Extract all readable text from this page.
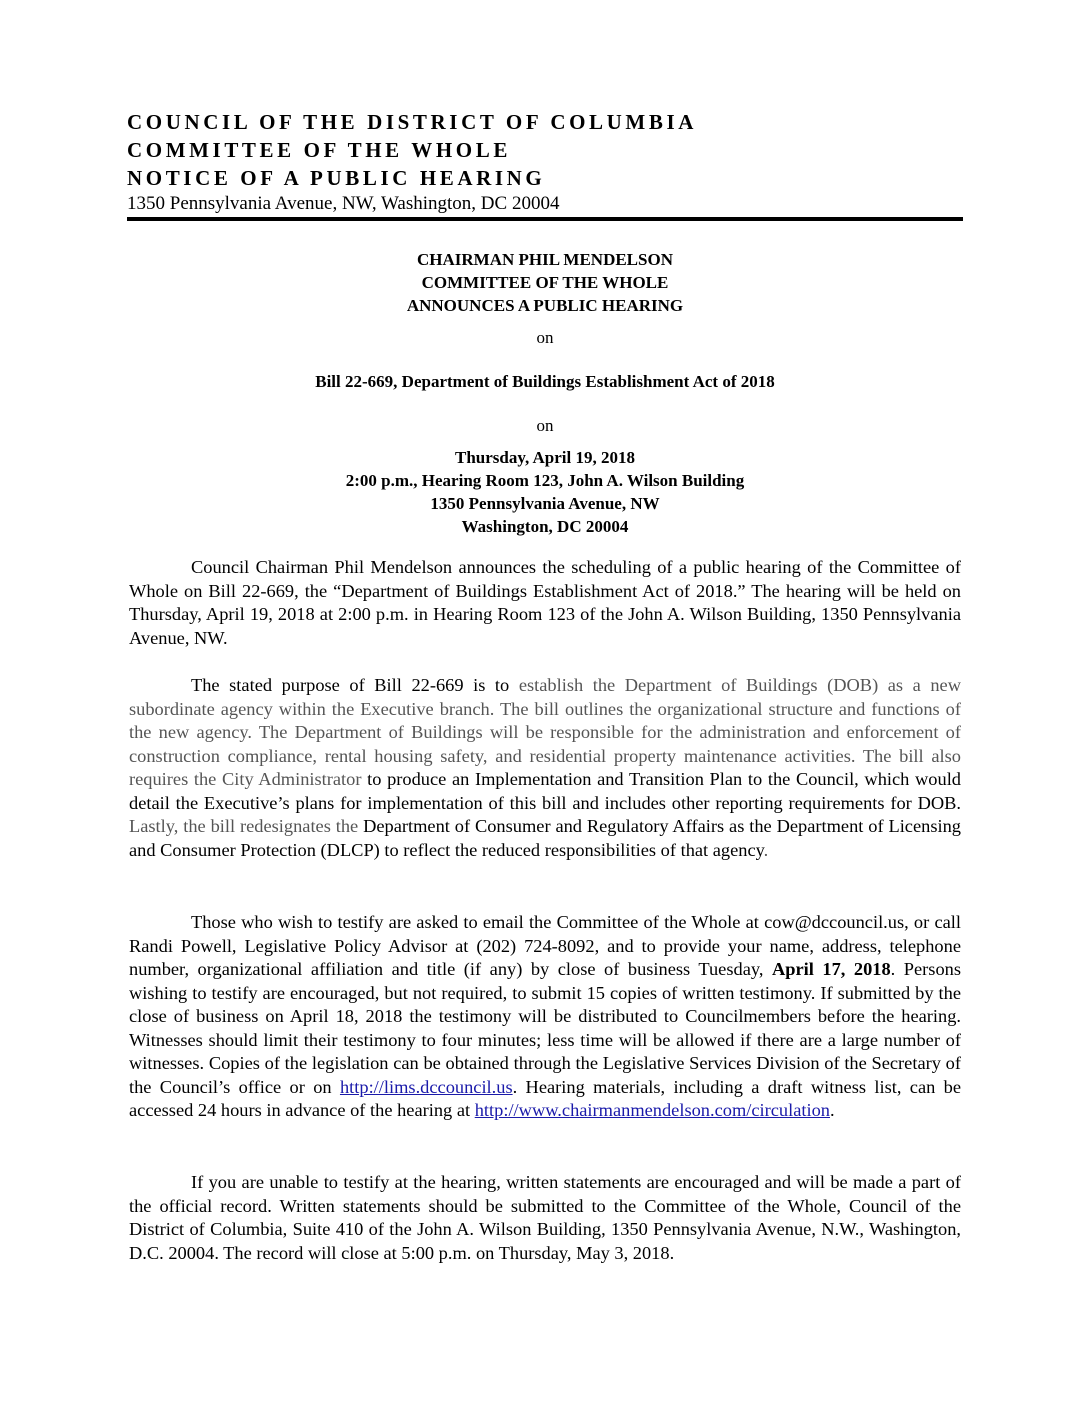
COUNCIL OF THE DISTRICT OF COLUMBIA
COMMITTEE OF THE WHOLE
NOTICE OF A PUBLIC HEARING
1350 Pennsylvania Avenue, NW, Washington, DC 20004
CHAIRMAN PHIL MENDELSON
COMMITTEE OF THE WHOLE
ANNOUNCES A PUBLIC HEARING
on
Bill 22-669, Department of Buildings Establishment Act of 2018
on
Thursday, April 19, 2018
2:00 p.m., Hearing Room 123, John A. Wilson Building
1350 Pennsylvania Avenue, NW
Washington, DC 20004

Council Chairman Phil Mendelson announces the scheduling of a public hearing of the Committee of Whole on Bill 22-669, the “Department of Buildings Establishment Act of 2018.” The hearing will be held on Thursday, April 19, 2018 at 2:00 p.m. in Hearing Room 123 of the John A. Wilson Building, 1350 Pennsylvania Avenue, NW.

The stated purpose of Bill 22-669 is to establish the Department of Buildings (DOB) as a new subordinate agency within the Executive branch. The bill outlines the organizational structure and functions of the new agency. The Department of Buildings will be responsible for the administration and enforcement of construction compliance, rental housing safety, and residential property maintenance activities. The bill also requires the City Administrator to produce an Implementation and Transition Plan to the Council, which would detail the Executive’s plans for implementation of this bill and includes other reporting requirements for DOB. Lastly, the bill redesignates the Department of Consumer and Regulatory Affairs as the Department of Licensing and Consumer Protection (DLCP) to reflect the reduced responsibilities of that agency.

Those who wish to testify are asked to email the Committee of the Whole at cow@dccouncil.us, or call Randi Powell, Legislative Policy Advisor at (202) 724-8092, and to provide your name, address, telephone number, organizational affiliation and title (if any) by close of business Tuesday, April 17, 2018. Persons wishing to testify are encouraged, but not required, to submit 15 copies of written testimony. If submitted by the close of business on April 18, 2018 the testimony will be distributed to Councilmembers before the hearing. Witnesses should limit their testimony to four minutes; less time will be allowed if there are a large number of witnesses. Copies of the legislation can be obtained through the Legislative Services Division of the Secretary of the Council’s office or on http://lims.dccouncil.us. Hearing materials, including a draft witness list, can be accessed 24 hours in advance of the hearing at http://www.chairmanmendelson.com/circulation.

If you are unable to testify at the hearing, written statements are encouraged and will be made a part of the official record. Written statements should be submitted to the Committee of the Whole, Council of the District of Columbia, Suite 410 of the John A. Wilson Building, 1350 Pennsylvania Avenue, N.W., Washington, D.C. 20004. The record will close at 5:00 p.m. on Thursday, May 3, 2018.
